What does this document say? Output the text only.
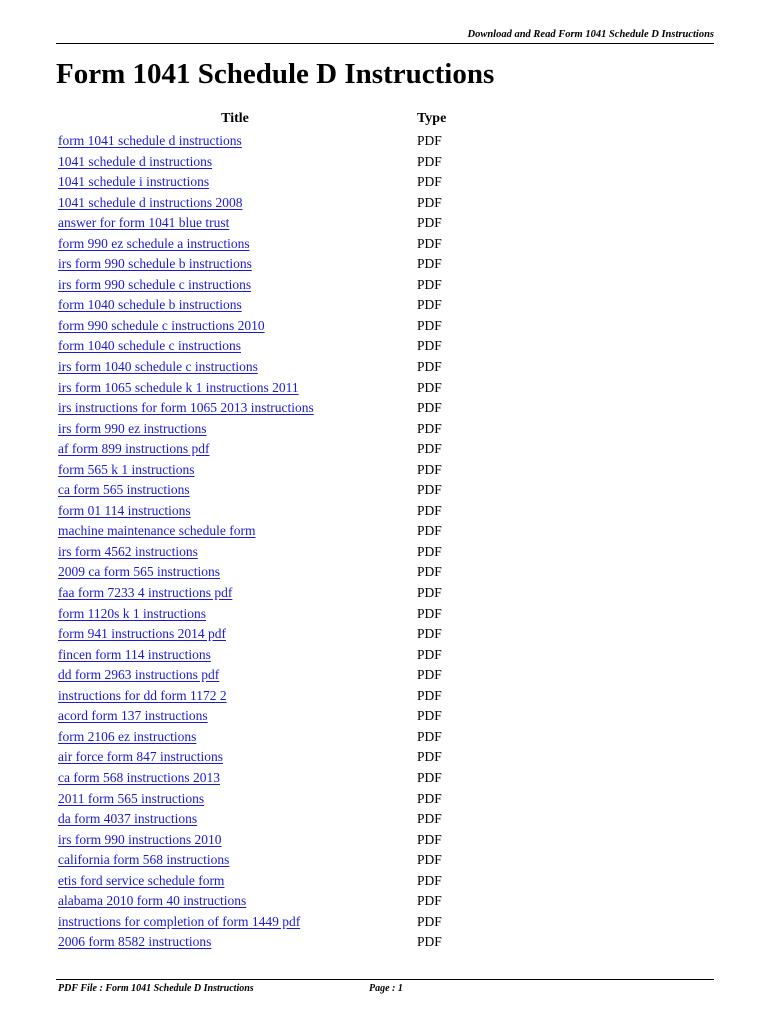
Download and Read Form 1041 Schedule D Instructions
Form 1041 Schedule D Instructions
Title	Type
form 1041 schedule d instructions	PDF
1041 schedule d instructions	PDF
1041 schedule i instructions	PDF
1041 schedule d instructions 2008	PDF
answer for form 1041 blue trust	PDF
form 990 ez schedule a instructions	PDF
irs form 990 schedule b instructions	PDF
irs form 990 schedule c instructions	PDF
form 1040 schedule b instructions	PDF
form 990 schedule c instructions 2010	PDF
form 1040 schedule c instructions	PDF
irs form 1040 schedule c instructions	PDF
irs form 1065 schedule k 1 instructions 2011	PDF
irs instructions for form 1065 2013 instructions	PDF
irs form 990 ez instructions	PDF
af form 899 instructions pdf	PDF
form 565 k 1 instructions	PDF
ca form 565 instructions	PDF
form 01 114 instructions	PDF
machine maintenance schedule form	PDF
irs form 4562 instructions	PDF
2009 ca form 565 instructions	PDF
faa form 7233 4 instructions pdf	PDF
form 1120s k 1 instructions	PDF
form 941 instructions 2014 pdf	PDF
fincen form 114 instructions	PDF
dd form 2963 instructions pdf	PDF
instructions for dd form 1172 2	PDF
acord form 137 instructions	PDF
form 2106 ez instructions	PDF
air force form 847 instructions	PDF
ca form 568 instructions 2013	PDF
2011 form 565 instructions	PDF
da form 4037 instructions	PDF
irs form 990 instructions 2010	PDF
california form 568 instructions	PDF
etis ford service schedule form	PDF
alabama 2010 form 40 instructions	PDF
instructions for completion of form 1449 pdf	PDF
2006 form 8582 instructions	PDF
PDF File : Form 1041 Schedule D Instructions	Page : 1
